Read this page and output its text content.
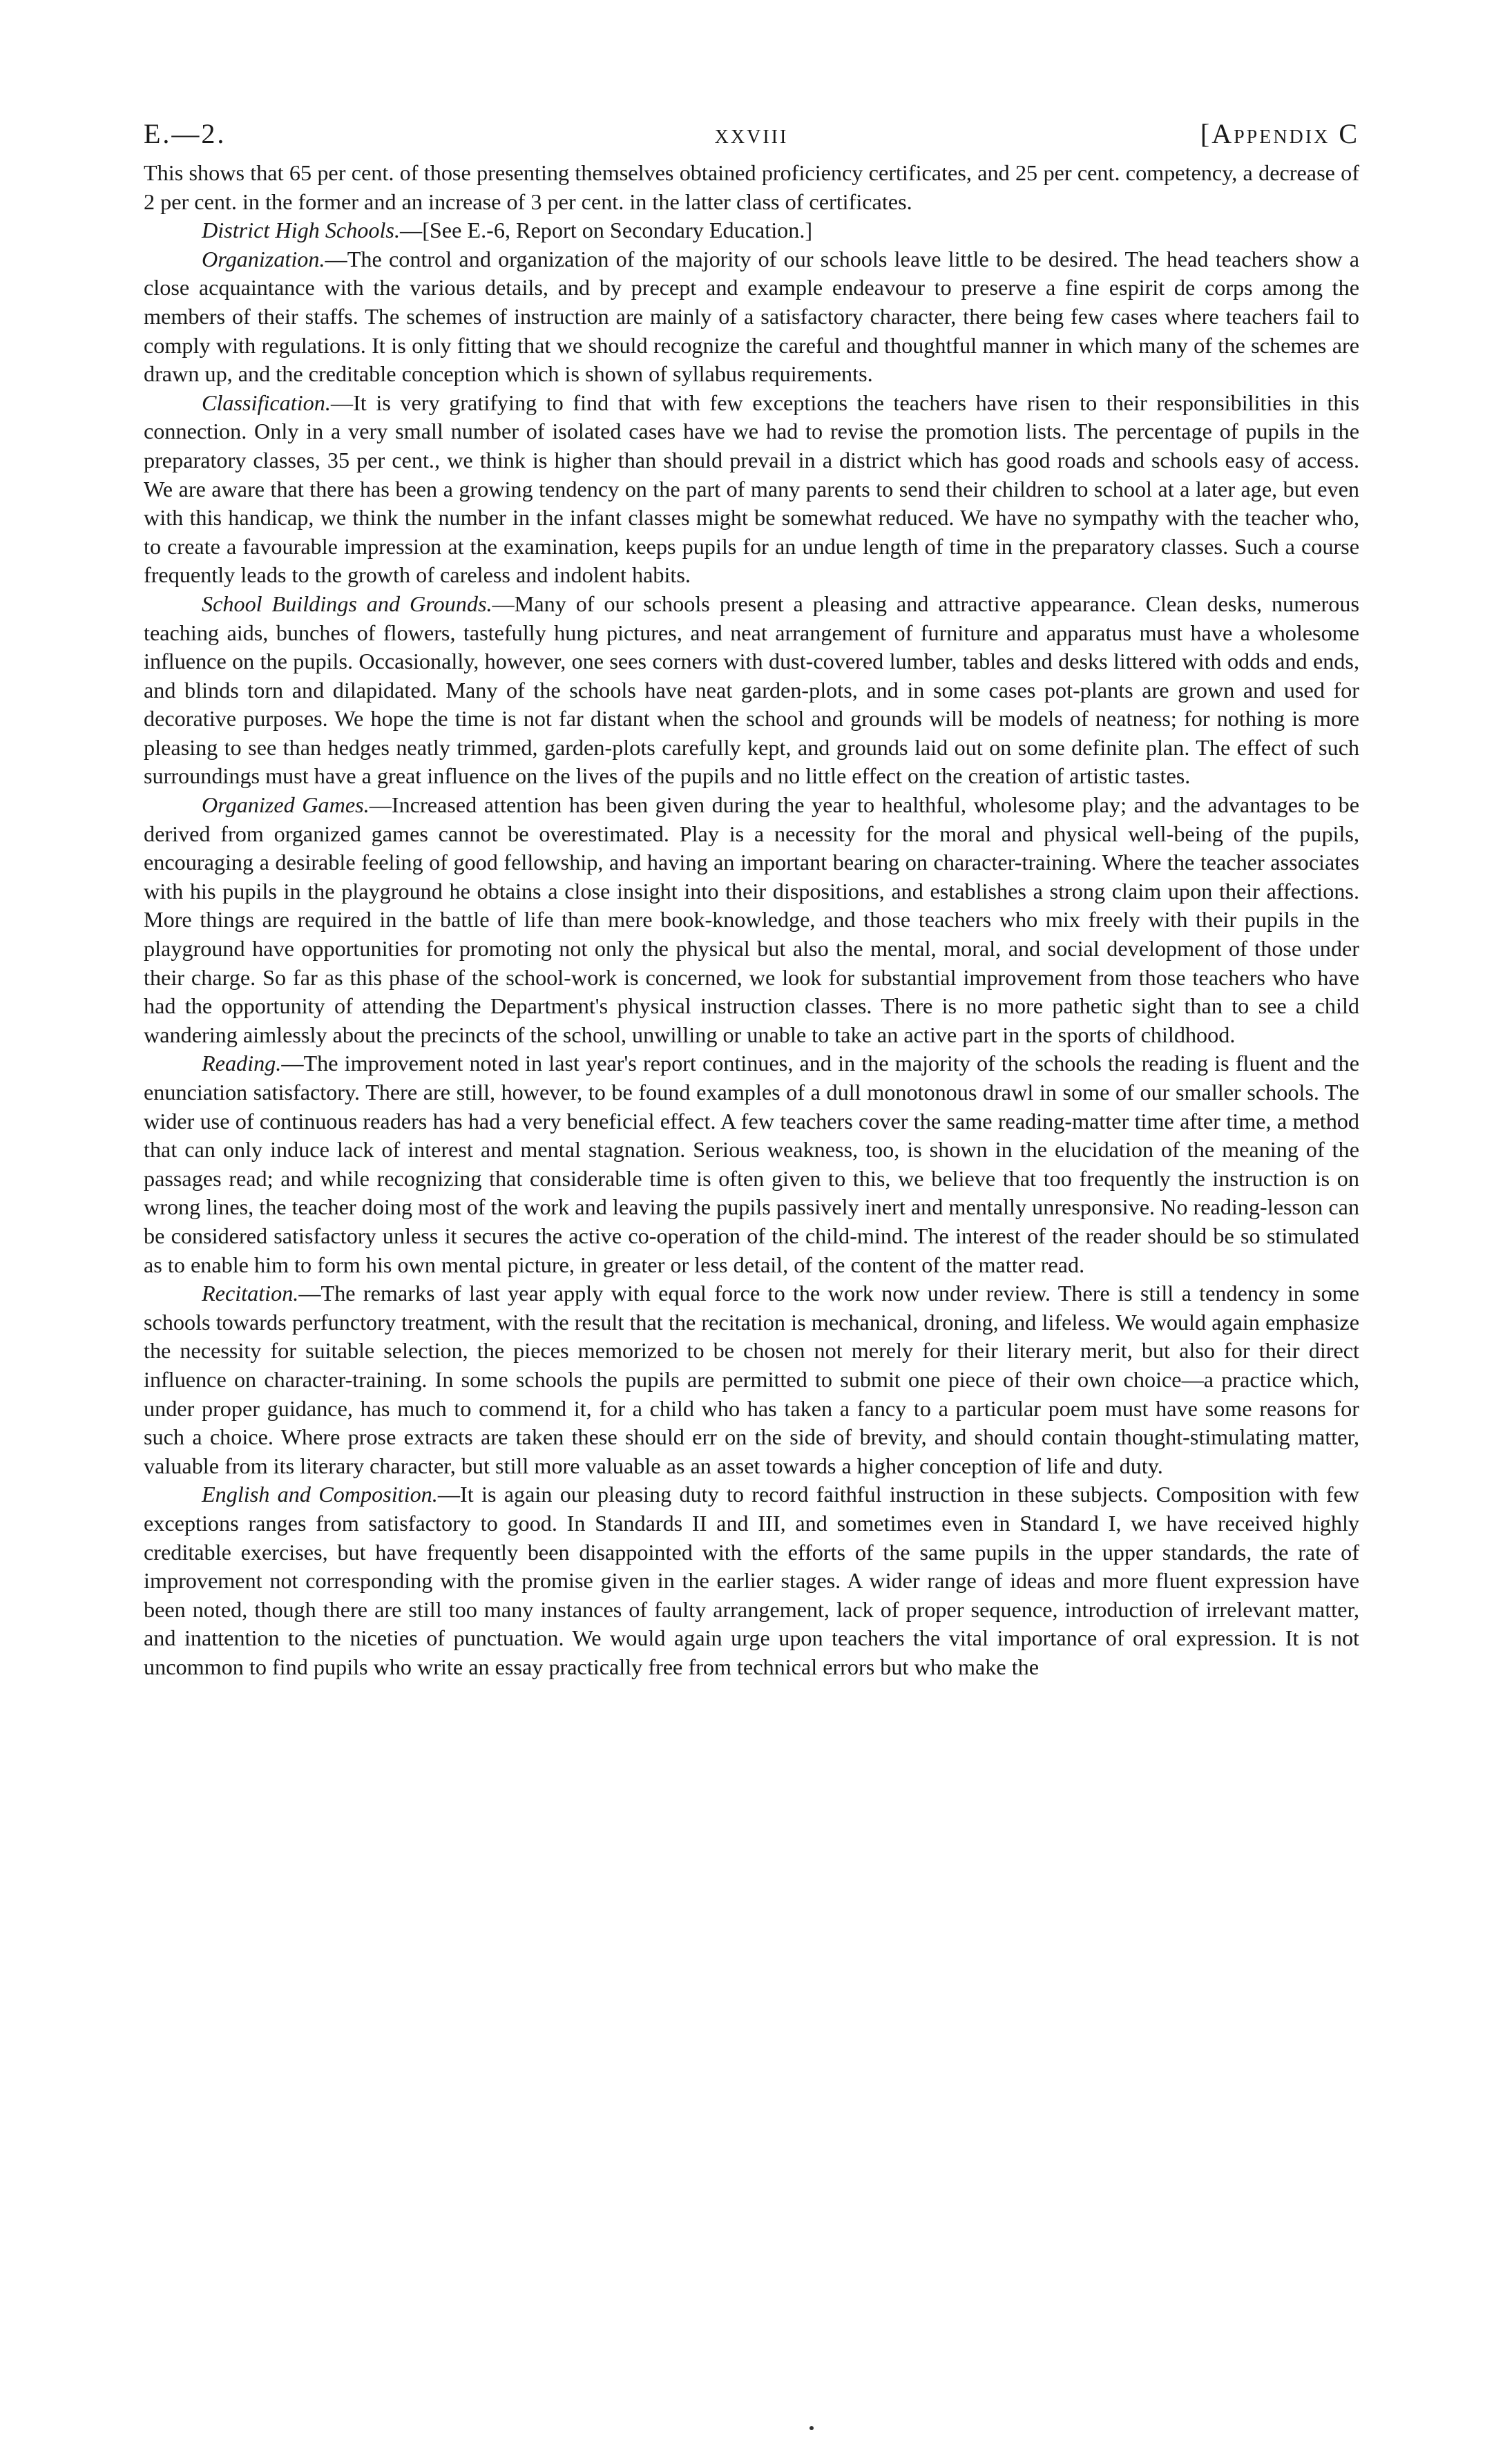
E.—2.	xxviii	[Appendix C

This shows that 65 per cent. of those presenting themselves obtained proficiency certificates, and 25 per cent. competency, a decrease of 2 per cent. in the former and an increase of 3 per cent. in the latter class of certificates.

District High Schools.—[See E.-6, Report on Secondary Education.]

Organization.—The control and organization of the majority of our schools leave little to be desired. The head teachers show a close acquaintance with the various details, and by precept and example endeavour to preserve a fine espirit de corps among the members of their staffs. The schemes of instruction are mainly of a satisfactory character, there being few cases where teachers fail to comply with regulations. It is only fitting that we should recognize the careful and thoughtful manner in which many of the schemes are drawn up, and the creditable conception which is shown of syllabus requirements.

Classification.—It is very gratifying to find that with few exceptions the teachers have risen to their responsibilities in this connection. Only in a very small number of isolated cases have we had to revise the promotion lists. The percentage of pupils in the preparatory classes, 35 per cent., we think is higher than should prevail in a district which has good roads and schools easy of access. We are aware that there has been a growing tendency on the part of many parents to send their children to school at a later age, but even with this handicap, we think the number in the infant classes might be somewhat reduced. We have no sympathy with the teacher who, to create a favourable impression at the examination, keeps pupils for an undue length of time in the preparatory classes. Such a course frequently leads to the growth of careless and indolent habits.

School Buildings and Grounds.—Many of our schools present a pleasing and attractive appearance. Clean desks, numerous teaching aids, bunches of flowers, tastefully hung pictures, and neat arrangement of furniture and apparatus must have a wholesome influence on the pupils. Occasionally, however, one sees corners with dust-covered lumber, tables and desks littered with odds and ends, and blinds torn and dilapidated. Many of the schools have neat garden-plots, and in some cases pot-plants are grown and used for decorative purposes. We hope the time is not far distant when the school and grounds will be models of neatness; for nothing is more pleasing to see than hedges neatly trimmed, garden-plots carefully kept, and grounds laid out on some definite plan. The effect of such surroundings must have a great influence on the lives of the pupils and no little effect on the creation of artistic tastes.

Organized Games.—Increased attention has been given during the year to healthful, wholesome play; and the advantages to be derived from organized games cannot be overestimated. Play is a necessity for the moral and physical well-being of the pupils, encouraging a desirable feeling of good fellowship, and having an important bearing on character-training. Where the teacher associates with his pupils in the playground he obtains a close insight into their dispositions, and establishes a strong claim upon their affections. More things are required in the battle of life than mere book-knowledge, and those teachers who mix freely with their pupils in the playground have opportunities for promoting not only the physical but also the mental, moral, and social development of those under their charge. So far as this phase of the school-work is concerned, we look for substantial improvement from those teachers who have had the opportunity of attending the Department's physical instruction classes. There is no more pathetic sight than to see a child wandering aimlessly about the precincts of the school, unwilling or unable to take an active part in the sports of childhood.

Reading.—The improvement noted in last year's report continues, and in the majority of the schools the reading is fluent and the enunciation satisfactory. There are still, however, to be found examples of a dull monotonous drawl in some of our smaller schools. The wider use of continuous readers has had a very beneficial effect. A few teachers cover the same reading-matter time after time, a method that can only induce lack of interest and mental stagnation. Serious weakness, too, is shown in the elucidation of the meaning of the passages read; and while recognizing that considerable time is often given to this, we believe that too frequently the instruction is on wrong lines, the teacher doing most of the work and leaving the pupils passively inert and mentally unresponsive. No reading-lesson can be considered satisfactory unless it secures the active co-operation of the child-mind. The interest of the reader should be so stimulated as to enable him to form his own mental picture, in greater or less detail, of the content of the matter read.

Recitation.—The remarks of last year apply with equal force to the work now under review. There is still a tendency in some schools towards perfunctory treatment, with the result that the recitation is mechanical, droning, and lifeless. We would again emphasize the necessity for suitable selection, the pieces memorized to be chosen not merely for their literary merit, but also for their direct influence on character-training. In some schools the pupils are permitted to submit one piece of their own choice—a practice which, under proper guidance, has much to commend it, for a child who has taken a fancy to a particular poem must have some reasons for such a choice. Where prose extracts are taken these should err on the side of brevity, and should contain thought-stimulating matter, valuable from its literary character, but still more valuable as an asset towards a higher conception of life and duty.

English and Composition.—It is again our pleasing duty to record faithful instruction in these subjects. Composition with few exceptions ranges from satisfactory to good. In Standards II and III, and sometimes even in Standard I, we have received highly creditable exercises, but have frequently been disappointed with the efforts of the same pupils in the upper standards, the rate of improvement not corresponding with the promise given in the earlier stages. A wider range of ideas and more fluent expression have been noted, though there are still too many instances of faulty arrangement, lack of proper sequence, introduction of irrelevant matter, and inattention to the niceties of punctuation. We would again urge upon teachers the vital importance of oral expression. It is not uncommon to find pupils who write an essay practically free from technical errors but who make the
